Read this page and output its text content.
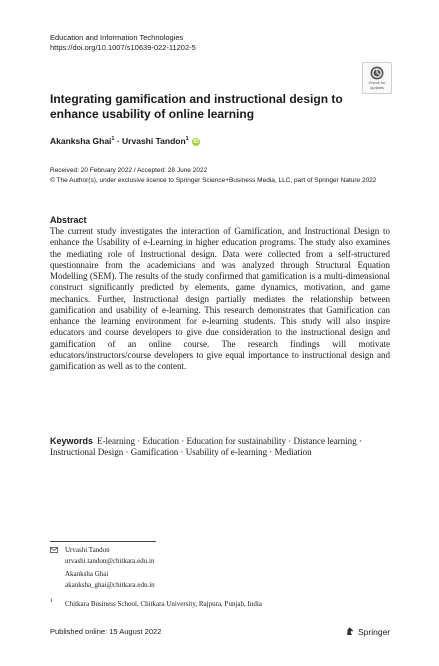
Education and Information Technologies
https://doi.org/10.1007/s10639-022-11202-5
Check for
updates
Integrating gamification and instructional design to enhance usability of online learning
Akanksha Ghai$^1$ · Urvashi Tandon$^1$ iD
Received: 20 February 2022 / Accepted: 28 June 2022
© The Author(s), under exclusive licence to Springer Science+Business Media, LLC, part of Springer Nature 2022
Abstract

The current study investigates the interaction of Gamification, and Instructional Design to enhance the Usability of e-Learning in higher education programs. The study also examines the mediating role of Instructional design. Data were collected from a self-structured questionnaire from the academicians and was analyzed through Structural Equation Modelling (SEM). The results of the study confirmed that gamification is a multi-dimensional construct significantly predicted by elements, game dynamics, motivation, and game mechanics. Further, Instructional design partially mediates the relationship between gamification and usability of e-learning. This research demonstrates that Gamification can enhance the learning environment for e-learning students. This study will also inspire educators and course developers to give due consideration to the instructional design and gamification of an online course. The research findings will motivate educators/instructors/course developers to give equal importance to instructional design and gamification as well as to the content.

Keywords E-learning · Education · Education for sustainability · Distance learning · Instructional Design · Gamification · Usability of e-learning · Mediation

Urvashi Tandon
urvashi.tandon@chitkara.edu.in
Akanksha Ghai
akanksha_ghai@chitkara.edu.in
1 Chitkara Business School, Chitkara University, Rajpura, Punjab, India
Published online: 15 August 2022	Springer
